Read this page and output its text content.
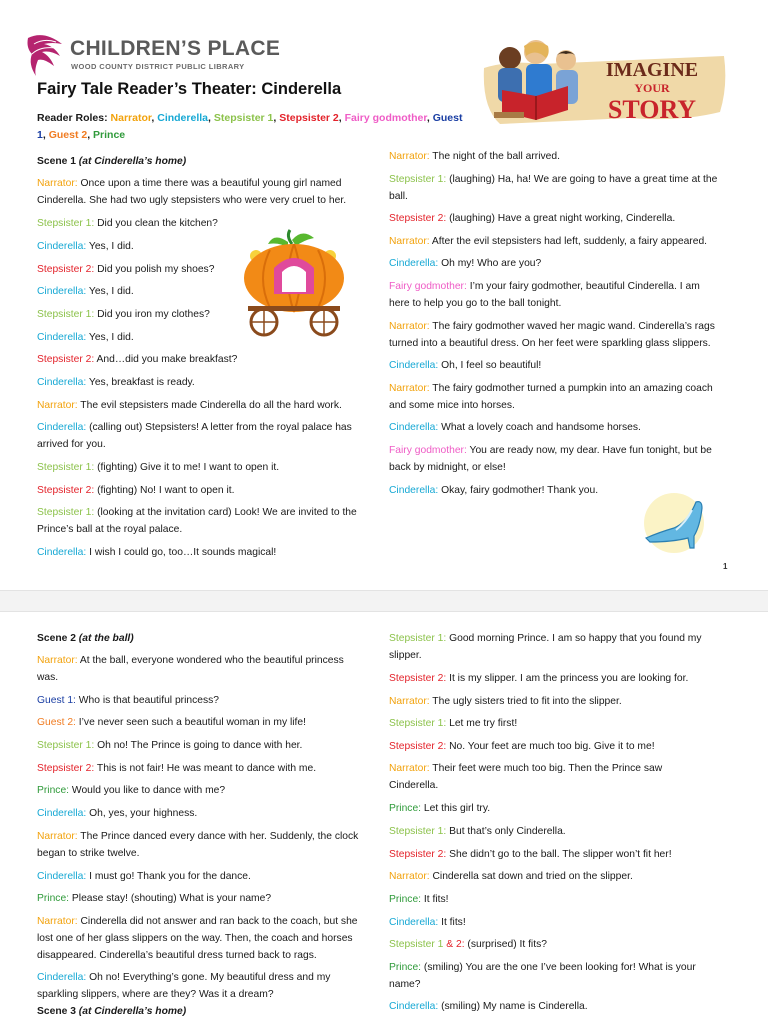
CHILDREN’S PLACE
WOOD COUNTY DISTRICT PUBLIC LIBRARY	IMAGINE
YOUR
STORY
Fairy Tale Reader’s Theater: Cinderella
Reader Roles: Narrator, Cinderella, Stepsister 1, Stepsister 2, Fairy godmother, Guest 1, Guest 2, Prince
Scene 1 (at Cinderella’s home)
Narrator: Once upon a time there was a beautiful young girl named
Cinderella. She had two ugly stepsisters who were very cruel to her.
Stepsister 1: Did you clean the kitchen?
Cinderella: Yes, I did.
Stepsister 2: Did you polish my shoes?
Cinderella: Yes, I did.
Stepsister 1: Did you iron my clothes?
Cinderella: Yes, I did.
Stepsister 2: And…did you make breakfast?
Cinderella: Yes, breakfast is ready.
Narrator: The evil stepsisters made Cinderella do all the hard work.
Cinderella: (calling out) Stepsisters! A letter from the royal palace has
arrived for you.
Stepsister 1: (fighting) Give it to me! I want to open it.
Stepsister 2: (fighting) No! I want to open it.
Stepsister 1: (looking at the invitation card) Look! We are invited to the
Prince’s ball at the royal palace.
Cinderella: I wish I could go, too…It sounds magical!
Narrator: The night of the ball arrived.
Stepsister 1: (laughing) Ha, ha! We are going to have a great time at the
ball.
Stepsister 2: (laughing) Have a great night working, Cinderella.
Narrator: After the evil stepsisters had left, suddenly, a fairy appeared.
Cinderella: Oh my! Who are you?
Fairy godmother: I’m your fairy godmother, beautiful Cinderella. I am
here to help you go to the ball tonight.
Narrator: The fairy godmother waved her magic wand. Cinderella’s rags
turned into a beautiful dress. On her feet were sparkling glass slippers.
Cinderella: Oh, I feel so beautiful!
Narrator: The fairy godmother turned a pumpkin into an amazing coach
and some mice into horses.
Cinderella: What a lovely coach and handsome horses.
Fairy godmother: You are ready now, my dear. Have fun tonight, but be
back by midnight, or else!
Cinderella: Okay, fairy godmother! Thank you.
1
Scene 2 (at the ball)
Narrator: At the ball, everyone wondered who the beautiful princess
was.
Guest 1: Who is that beautiful princess?
Guest 2: I’ve never seen such a beautiful woman in my life!
Stepsister 1: Oh no! The Prince is going to dance with her.
Stepsister 2: This is not fair! He was meant to dance with me.
Prince: Would you like to dance with me?
Cinderella: Oh, yes, your highness.
Narrator: The Prince danced every dance with her. Suddenly, the clock
began to strike twelve.
Cinderella: I must go! Thank you for the dance.
Prince: Please stay! (shouting) What is your name?
Narrator: Cinderella did not answer and ran back to the coach, but she
lost one of her glass slippers on the way. Then, the coach and horses
disappeared. Cinderella’s beautiful dress turned back to rags.
Cinderella: Oh no! Everything’s gone. My beautiful dress and my
sparkling slippers, where are they? Was it a dream?
Scene 3 (at Cinderella’s home)
Stepsister 1: Good morning Prince. I am so happy that you found my
slipper.
Stepsister 2: It is my slipper. I am the princess you are looking for.
Narrator: The ugly sisters tried to fit into the slipper.
Stepsister 1: Let me try first!
Stepsister 2: No. Your feet are much too big. Give it to me!
Narrator: Their feet were much too big. Then the Prince saw
Cinderella.
Prince: Let this girl try.
Stepsister 1: But that’s only Cinderella.
Stepsister 2: She didn’t go to the ball. The slipper won’t fit her!
Narrator: Cinderella sat down and tried on the slipper.
Prince: It fits!
Cinderella: It fits!
Stepsister 1 & 2: (surprised) It fits?
Prince: (smiling) You are the one I’ve been looking for! What is your
name?
Cinderella: (smiling) My name is Cinderella.
